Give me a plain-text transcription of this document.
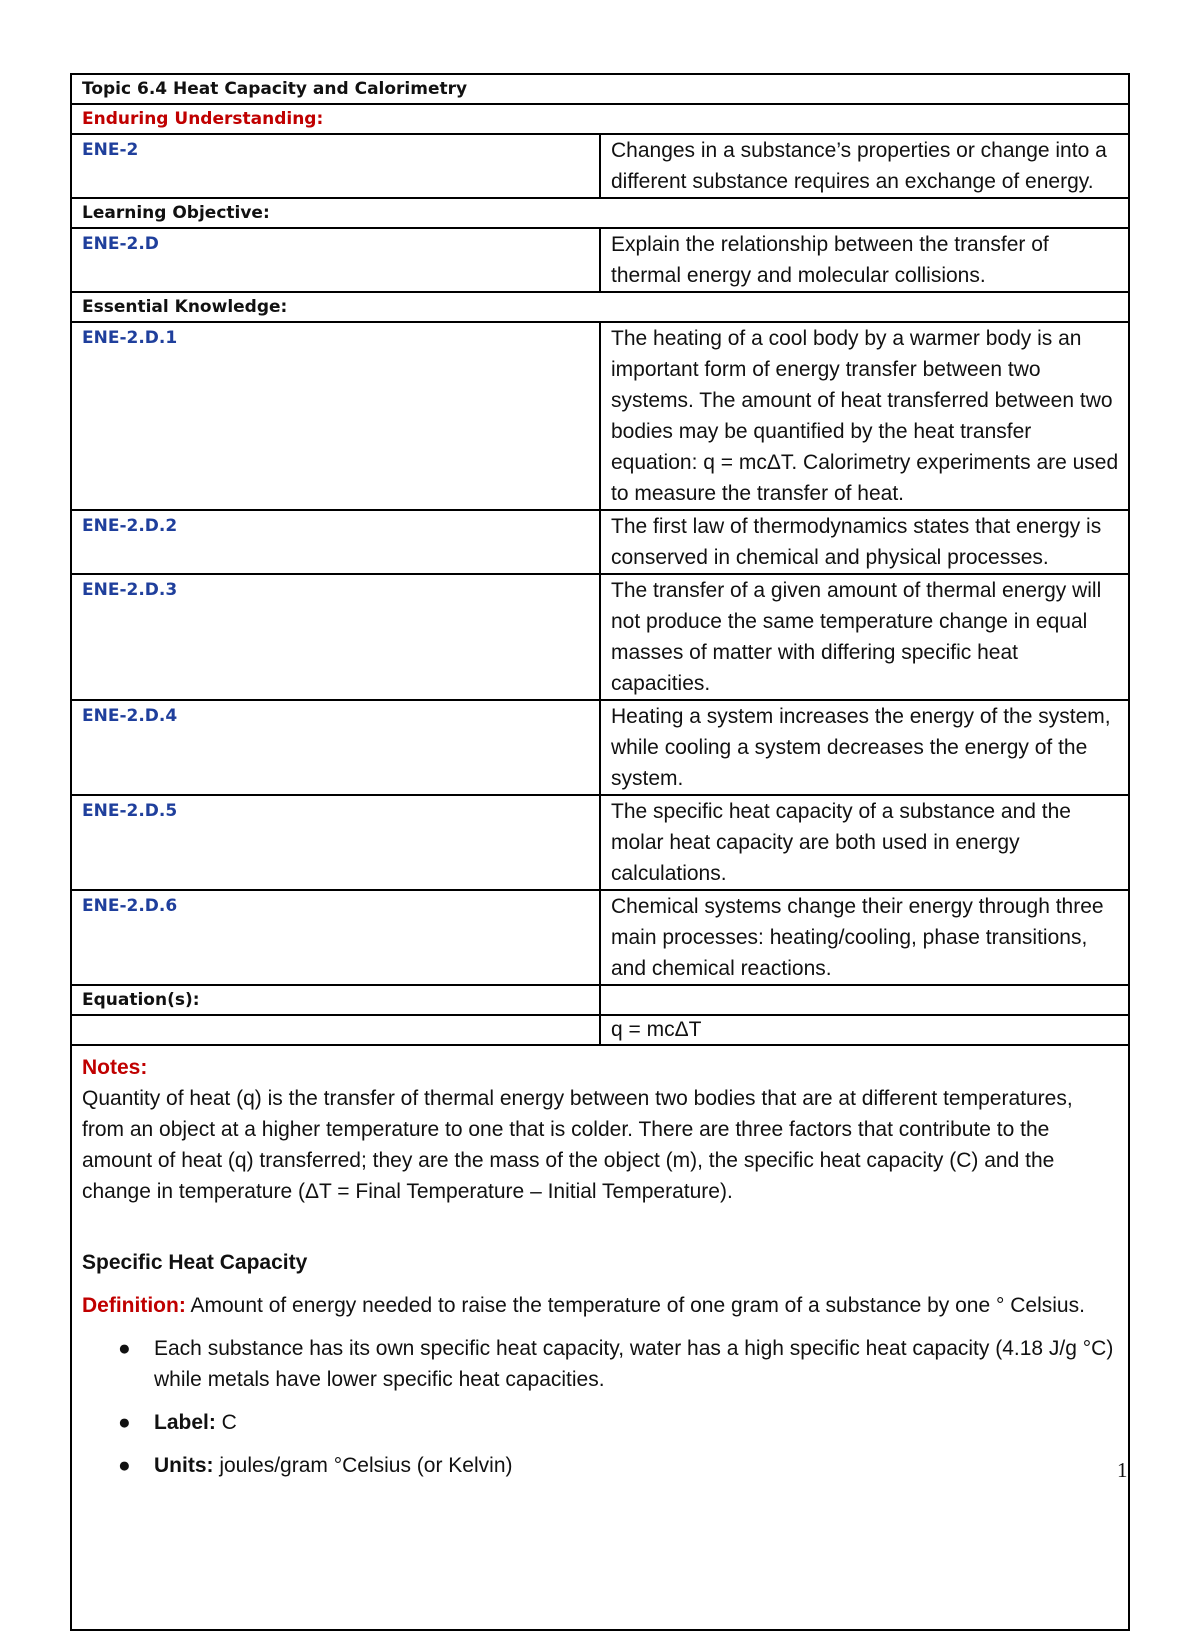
Topic 6.4 Heat Capacity and Calorimetry	
Enduring Understanding:	
ENE-2	Changes in a substance’s properties or change into a different substance requires an exchange of energy.
Learning Objective:	
ENE-2.D	Explain the relationship between the transfer of thermal energy and molecular collisions.
Essential Knowledge:	
ENE-2.D.1	The heating of a cool body by a warmer body is an important form of energy transfer between two systems. The amount of heat transferred between two bodies may be quantified by the heat transfer equation: q = mcΔT. Calorimetry experiments are used to measure the transfer of heat.
ENE-2.D.2	The first law of thermodynamics states that energy is conserved in chemical and physical processes.
ENE-2.D.3	The transfer of a given amount of thermal energy will not produce the same temperature change in equal masses of matter with differing specific heat capacities.
ENE-2.D.4	Heating a system increases the energy of the system, while cooling a system decreases the energy of the system.
ENE-2.D.5	The specific heat capacity of a substance and the molar heat capacity are both used in energy calculations.
ENE-2.D.6	Chemical systems change their energy through three main processes: heating/cooling, phase transitions, and chemical reactions.
Equation(s):	
	q = mcΔT

Notes:

Quantity of heat (q) is the transfer of thermal energy between two bodies that are at different temperatures, from an object at a higher temperature to one that is colder. There are three factors that contribute to the amount of heat (q) transferred; they are the mass of the object (m), the specific heat capacity (C) and the change in temperature (ΔT = Final Temperature – Initial Temperature).

Specific Heat Capacity

Definition: Amount of energy needed to raise the temperature of one gram of a substance by one ° Celsius.

● Each substance has its own specific heat capacity, water has a high specific heat capacity (4.18 J/g °C) while metals have lower specific heat capacities.
● Label: C
● Units: joules/gram °Celsius (or Kelvin)	1
